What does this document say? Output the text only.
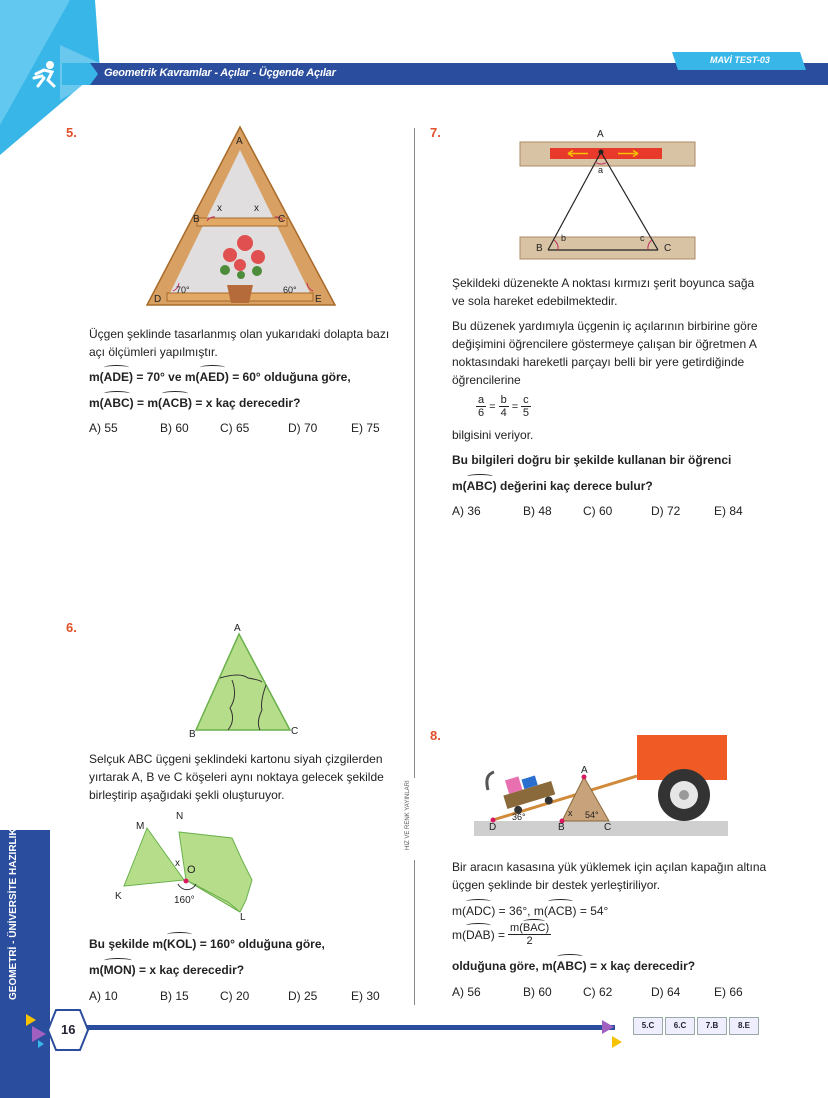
Geometrik Kavramlar - Açılar - Üçgende Açılar
MAVİ TEST-03
GEOMETRİ - ÜNİVERSİTE HAZIRLIK
16	5.C	6.C	7.B	8.E
HIZ VE RENK YAYINLARI
5.
A
B	C
D	E
x	x
70°	60°
Üçgen şeklinde tasarlanmış olan yukarıdaki dolapta bazı açı ölçümleri yapılmıştır.
m(ADE) = 70° ve m(AED) = 60° olduğuna göre,
m(ABC) = m(ACB) = x kaç derecedir?
A) 55	B) 60	C) 65	D) 70	E) 75
6.	A
B	C
Selçuk ABC üçgeni şeklindeki kartonu siyah çizgilerden yırtarak A, B ve C köşeleri aynı noktaya gelecek şekilde birleştirip aşağıdaki şekli oluşturuyor.
M
N
K
L
O
x
160°
Bu şekilde m(KOL) = 160° olduğuna göre,
m(MON) = x kaç derecedir?
A) 10	B) 15	C) 20	D) 25	E) 30
7.	A
a
B
b
C
c
Şekildeki düzenekte A noktası kırmızı şerit boyunca sağa ve sola hareket edebilmektedir.
Bu düzenek yardımıyla üçgenin iç açılarının birbirine göre değişimini öğrencilere göstermeye çalışan bir öğretmen A noktasındaki hareketli parçayı belli bir yere getirdiğinde öğrencilerine
$\frac{a}{6} = \frac{b}{4} = \frac{c}{5}$
bilgisini veriyor.
Bu bilgileri doğru bir şekilde kullanan bir öğrenci
m(ABC) değerini kaç derece bulur?
A) 36	B) 48	C) 60	D) 72	E) 84
8.
A
B	C
D
x
36°	54°
Bir aracın kasasına yük yüklemek için açılan kapağın altına üçgen şeklinde bir destek yerleştiriliyor.
m(ADC) = 36°, m(ACB) = 54°
$m(DAB) = \frac{\text{m(BAC)}}{2}$
olduğuna göre, m(ABC) = x kaç derecedir?
A) 56	B) 60	C) 62	D) 64	E) 66
